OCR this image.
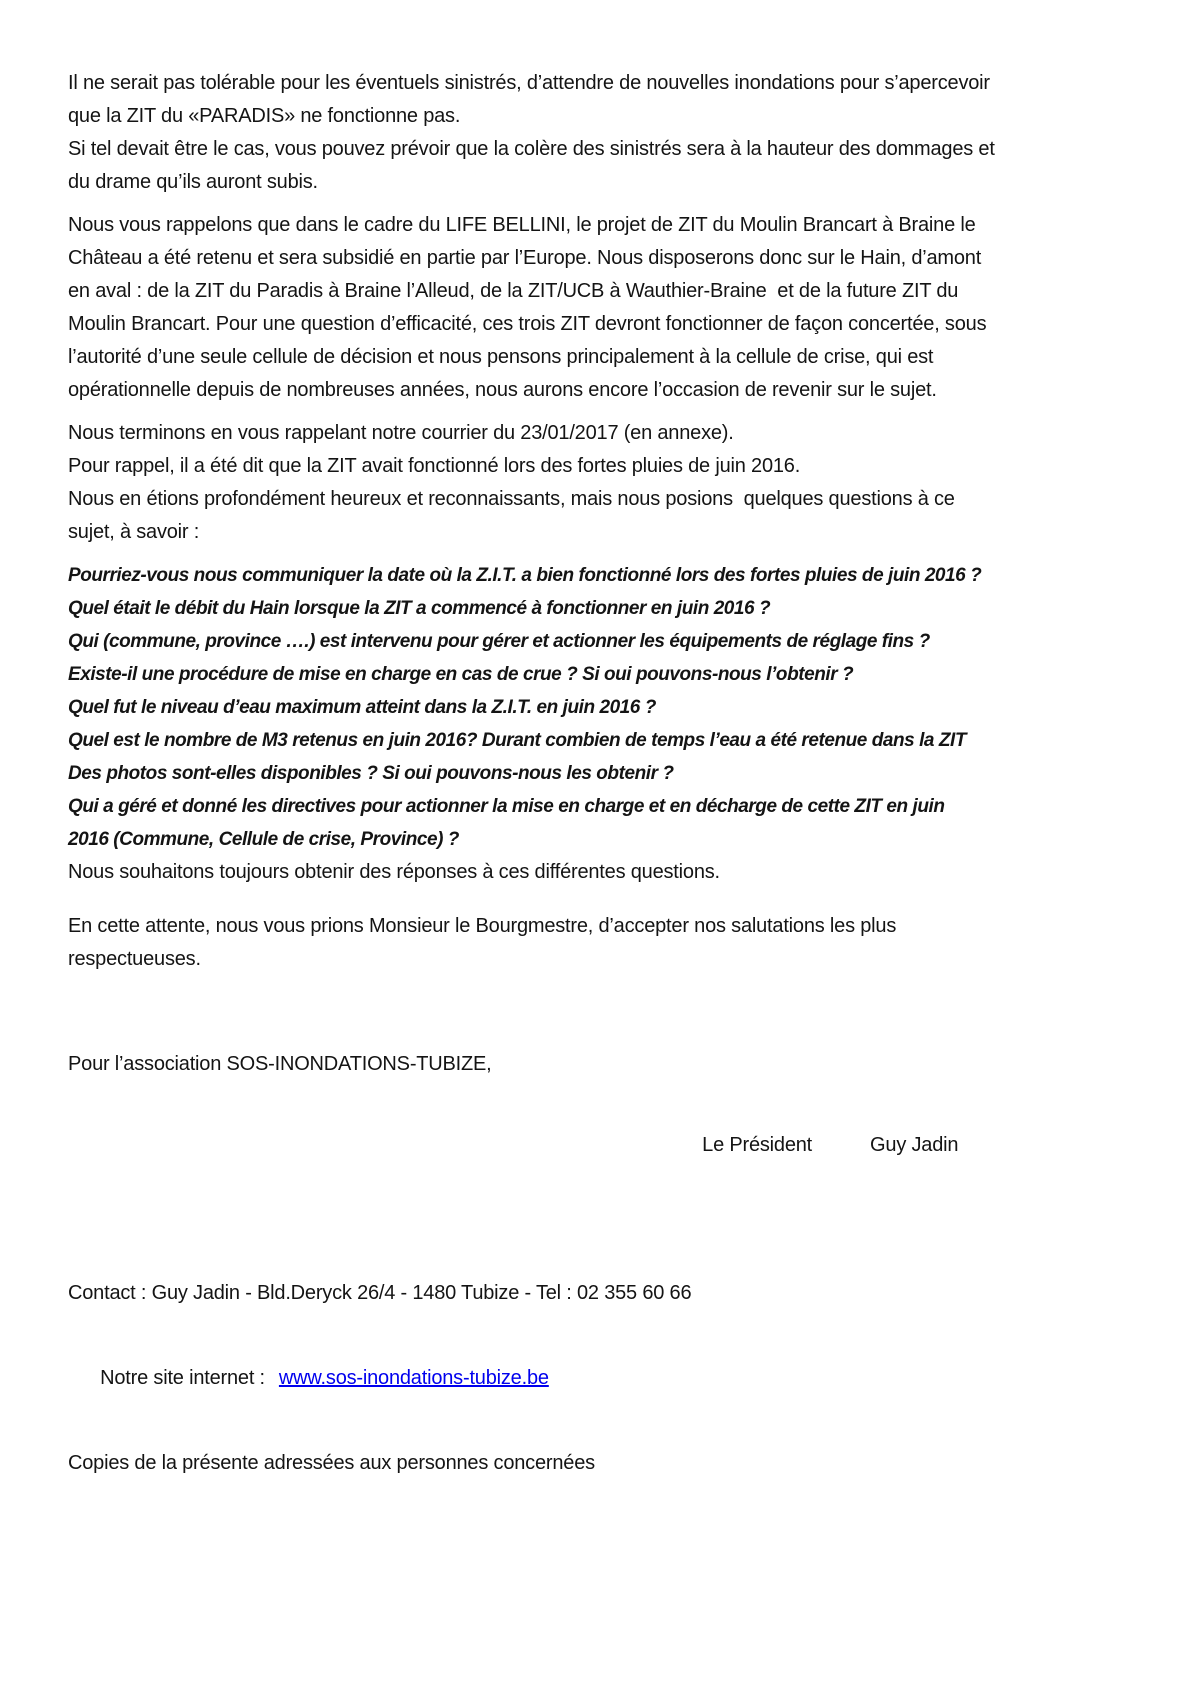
Il ne serait pas tolérable pour les éventuels sinistrés, d’attendre de nouvelles inondations pour s’apercevoir
que la ZIT du «PARADIS» ne fonctionne pas.
Si tel devait être le cas, vous pouvez prévoir que la colère des sinistrés sera à la hauteur des dommages et
du drame qu’ils auront subis.
Nous vous rappelons que dans le cadre du LIFE BELLINI, le projet de ZIT du Moulin Brancart à Braine le
Château a été retenu et sera subsidié en partie par l’Europe. Nous disposerons donc sur le Hain, d’amont
en aval : de la ZIT du Paradis à Braine l’Alleud, de la ZIT/UCB à Wauthier-Braine  et de la future ZIT du
Moulin Brancart. Pour une question d’efficacité, ces trois ZIT devront fonctionner de façon concertée, sous
l’autorité d’une seule cellule de décision et nous pensons principalement à la cellule de crise, qui est
opérationnelle depuis de nombreuses années, nous aurons encore l’occasion de revenir sur le sujet.
Nous terminons en vous rappelant notre courrier du 23/01/2017 (en annexe).
Pour rappel, il a été dit que la ZIT avait fonctionné lors des fortes pluies de juin 2016.
Nous en étions profondément heureux et reconnaissants, mais nous posions  quelques questions à ce
sujet, à savoir :
Pourriez-vous nous communiquer la date où la Z.I.T. a bien fonctionné lors des fortes pluies de juin 2016 ?
Quel était le débit du Hain lorsque la ZIT a commencé à fonctionner en juin 2016 ?
Qui (commune, province ….) est intervenu pour gérer et actionner les équipements de réglage fins ?
Existe-il une procédure de mise en charge en cas de crue ? Si oui pouvons-nous l’obtenir ?
Quel fut le niveau d’eau maximum atteint dans la Z.I.T. en juin 2016 ?
Quel est le nombre de M3 retenus en juin 2016? Durant combien de temps l’eau a été retenue dans la ZIT
Des photos sont-elles disponibles ? Si oui pouvons-nous les obtenir ?
Qui a géré et donné les directives pour actionner la mise en charge et en décharge de cette ZIT en juin
2016 (Commune, Cellule de crise, Province) ?
Nous souhaitons toujours obtenir des réponses à ces différentes questions.
En cette attente, nous vous prions Monsieur le Bourgmestre, d’accepter nos salutations les plus
respectueuses.
Pour l’association SOS-INONDATIONS-TUBIZE,

Le Président	Guy Jadin

Contact : Guy Jadin - Bld.Deryck 26/4 - 1480 Tubize - Tel : 02 355 60 66

Notre site internet : www.sos-inondations-tubize.be

Copies de la présente adressées aux personnes concernées
